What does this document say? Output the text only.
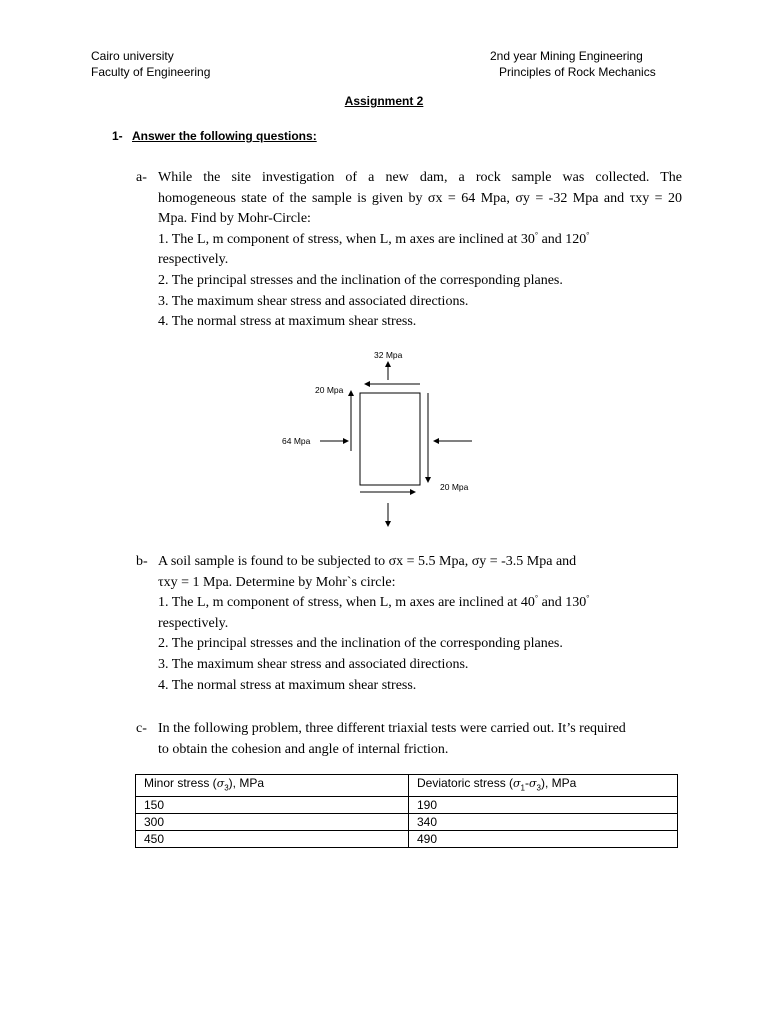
Cairo university
Faculty of Engineering
2nd year Mining Engineering
Principles of Rock Mechanics
Assignment 2
1- Answer the following questions:
a- While the site investigation of a new dam, a rock sample was collected. The
homogeneous state of the sample is given by σx = 64 Mpa, σy = -32 Mpa and τxy = 20
Mpa. Find by Mohr-Circle:
1. The L, m component of stress, when L, m axes are inclined at 30° and 120°
respectively.
2. The principal stresses and the inclination of the corresponding planes.
3. The maximum shear stress and associated directions.
4. The normal stress at maximum shear stress.
32 Mpa
20 Mpa
64 Mpa
20 Mpa
b- A soil sample is found to be subjected to σx = 5.5 Mpa, σy = -3.5 Mpa and
τxy = 1 Mpa. Determine by Mohr`s circle:
1. The L, m component of stress, when L, m axes are inclined at 40° and 130°
respectively.
2. The principal stresses and the inclination of the corresponding planes.
3. The maximum shear stress and associated directions.
4. The normal stress at maximum shear stress.
c- In the following problem, three different triaxial tests were carried out. It’s required
to obtain the cohesion and angle of internal friction.
Minor stress $(\sigma_3)$, MPa	Deviatoric stress $(\sigma_1-\sigma_3)$, MPa
150	190
300	340
450	490
